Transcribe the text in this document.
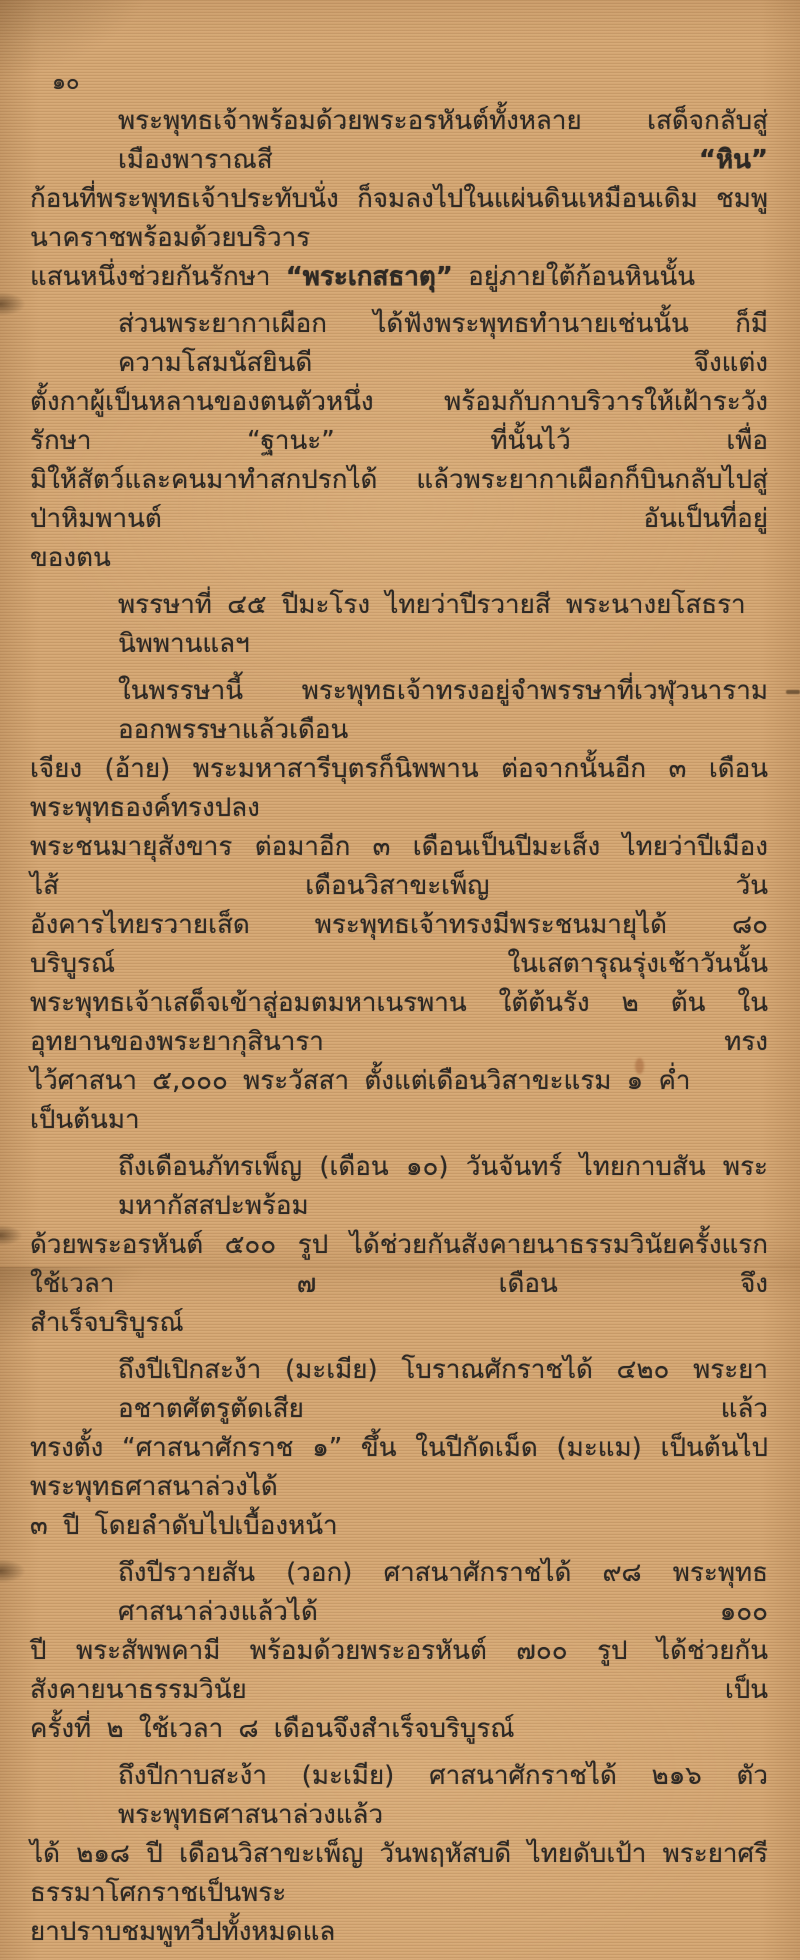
๑๐
พระพุทธเจ้าพร้อมด้วยพระอรหันต์ทั้งหลาย เสด็จกลับสู่เมืองพาราณสี “หิน”
ก้อนที่พระพุทธเจ้าประทับนั่ง ก็จมลงไปในแผ่นดินเหมือนเดิม ชมพูนาคราชพร้อมด้วยบริวาร
แสนหนึ่งช่วยกันรักษา “พระเกสธาตุ” อยู่ภายใต้ก้อนหินนั้น
ส่วนพระยากาเผือก ได้ฟังพระพุทธทำนายเช่นนั้น ก็มีความโสมนัสยินดี จึงแต่ง
ตั้งกาผู้เป็นหลานของตนตัวหนึ่ง พร้อมกับกาบริวารให้เฝ้าระวังรักษา “ฐานะ” ที่นั้นไว้ เพื่อ
มิให้สัตว์และคนมาทำสกปรกได้ แล้วพระยากาเผือกก็บินกลับไปสู่ป่าหิมพานต์ อันเป็นที่อยู่
ของตน
พรรษาที่ ๔๕ ปีมะโรง ไทยว่าปีรวายสี พระนางยโสธรานิพพานแลฯ
ในพรรษานี้ พระพุทธเจ้าทรงอยู่จำพรรษาที่เวฬุวนาราม ออกพรรษาแล้วเดือน
เจียง (อ้าย) พระมหาสารีบุตรก็นิพพาน ต่อจากนั้นอีก ๓ เดือน พระพุทธองค์ทรงปลง
พระชนมายุสังขาร ต่อมาอีก ๓ เดือนเป็นปีมะเส็ง ไทยว่าปีเมืองไส้ เดือนวิสาขะเพ็ญ วัน
อังคารไทยรวายเส็ด พระพุทธเจ้าทรงมีพระชนมายุได้ ๘๐ บริบูรณ์ ในเสตารุณรุ่งเช้าวันนั้น
พระพุทธเจ้าเสด็จเข้าสู่อมตมหาเนรพาน ใต้ต้นรัง ๒ ต้น ในอุทยานของพระยากุสินารา ทรง
ไว้ศาสนา ๕,๐๐๐ พระวัสสา ตั้งแต่เดือนวิสาขะแรม ๑ ค่ำ เป็นต้นมา
ถึงเดือนภัทรเพ็ญ (เดือน ๑๐) วันจันทร์ ไทยกาบสัน พระมหากัสสปะพร้อม
ด้วยพระอรหันต์ ๕๐๐ รูป ได้ช่วยกันสังคายนาธรรมวินัยครั้งแรก ใช้เวลา ๗ เดือน จึง
สำเร็จบริบูรณ์
ถึงปีเปิกสะง้า (มะเมีย) โบราณศักราชได้ ๔๒๐ พระยาอชาตศัตรูตัดเสีย แล้ว
ทรงตั้ง “ศาสนาศักราช ๑” ขึ้น ในปีกัดเม็ด (มะแม) เป็นต้นไป พระพุทธศาสนาล่วงได้
๓ ปี โดยลำดับไปเบื้องหน้า
ถึงปีรวายสัน (วอก) ศาสนาศักราชได้ ๙๘ พระพุทธศาสนาล่วงแล้วได้ ๑๐๐
ปี พระสัพพคามี พร้อมด้วยพระอรหันต์ ๗๐๐ รูป ได้ช่วยกันสังคายนาธรรมวินัย เป็น
ครั้งที่ ๒ ใช้เวลา ๘ เดือนจึงสำเร็จบริบูรณ์
ถึงปีกาบสะง้า (มะเมีย) ศาสนาศักราชได้ ๒๑๖ ตัว พระพุทธศาสนาล่วงแล้ว
ได้ ๒๑๘ ปี เดือนวิสาขะเพ็ญ วันพฤหัสบดี ไทยดับเป้า พระยาศรีธรรมาโศกราชเป็นพระ
ยาปราบชมพูทวีปทั้งหมดแล
